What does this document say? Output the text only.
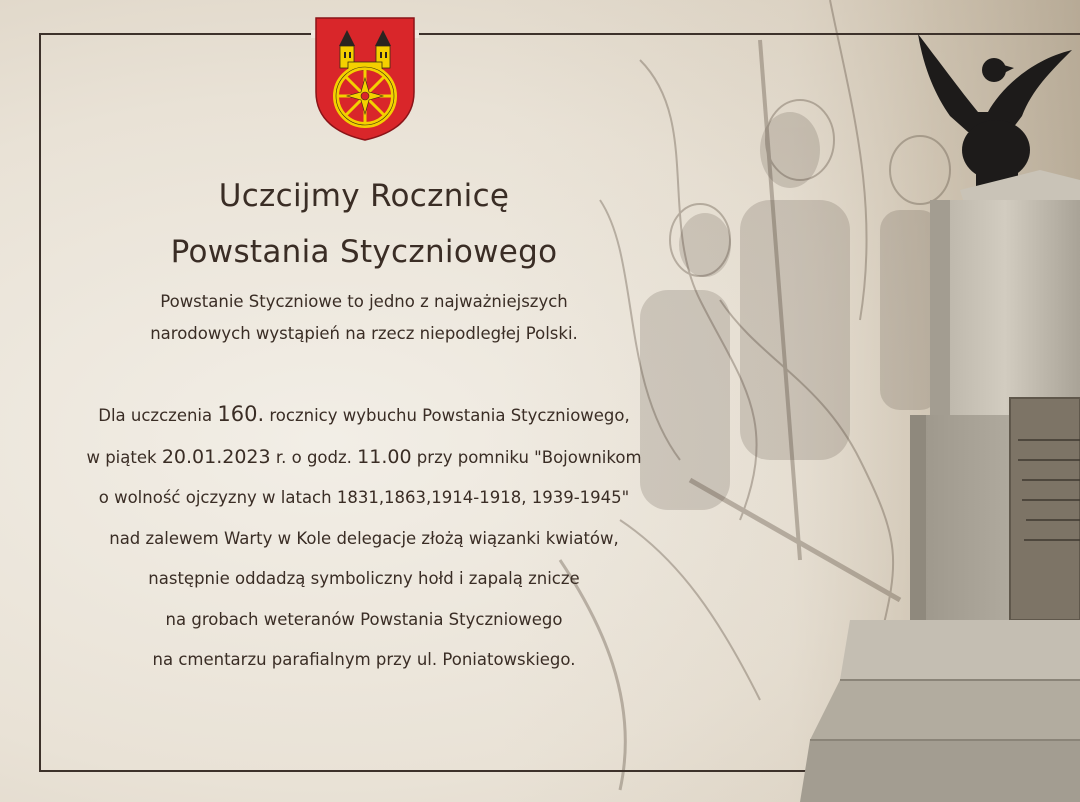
Uczcijmy Rocznicę
Powstania Styczniowego

Powstanie Styczniowe to jedno z najważniejszych

narodowych wystąpień na rzecz niepodległej Polski.

Dla uczczenia 160. rocznicy wybuchu Powstania Styczniowego,

w piątek 20.01.2023 r. o godz. 11.00 przy pomniku "Bojownikom

o wolność ojczyzny w latach 1831,1863,1914-1918, 1939-1945"

nad zalewem Warty w Kole delegacje złożą wiązanki kwiatów,

następnie oddadzą symboliczny hołd i zapalą znicze

na grobach weteranów Powstania Styczniowego

na cmentarzu parafialnym przy ul. Poniatowskiego.
